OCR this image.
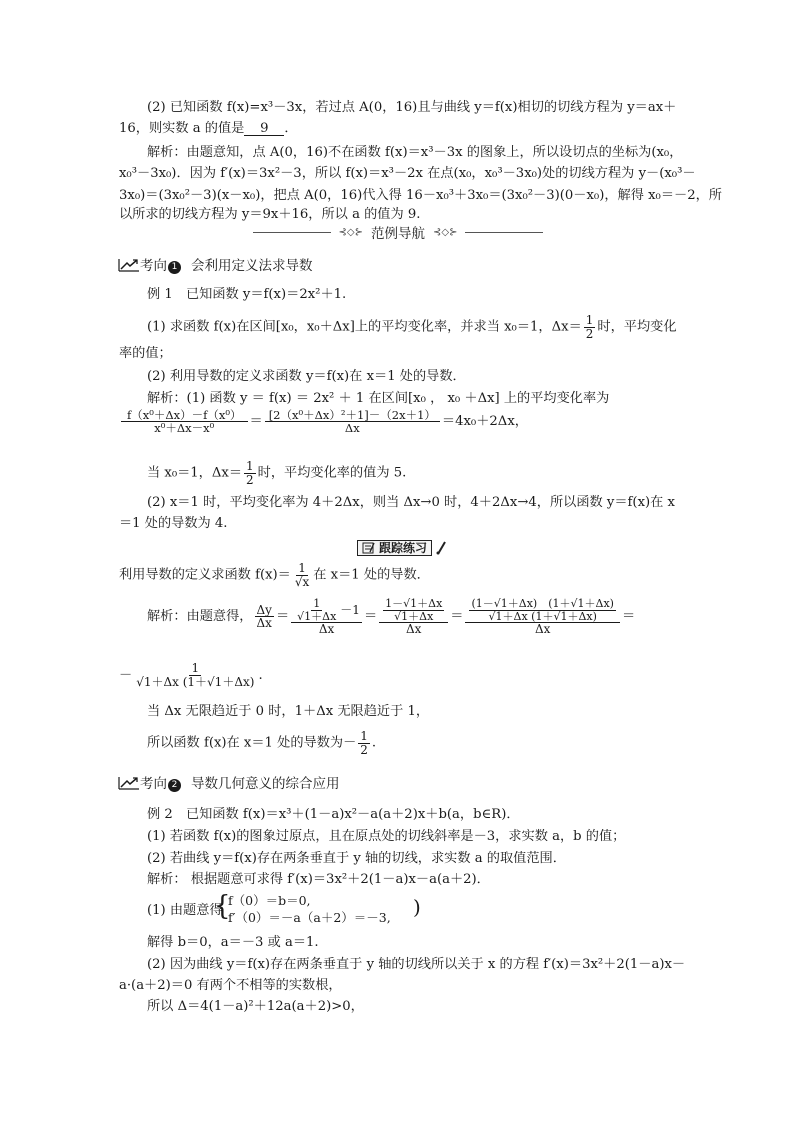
(2) 已知函数 f(x)=x³－3x，若过点 A(0，16)且与曲线 y＝f(x)相切的切线方程为 y＝ax＋
16，则实数 a 的值是 9 ．
解析：由题意知，点 A(0，16)不在函数 f(x)＝x³－3x 的图象上，所以设切点的坐标为(x₀，
x₀³－3x₀)．因为 f′(x)＝3x²－3，所以 f(x)＝x³－2x 在点(x₀，x₀³－3x₀)处的切线方程为 y－(x₀³－
3x₀)＝(3x₀²－3)(x－x₀)，把点 A(0，16)代入得 16－x₀³＋3x₀＝(3x₀²－3)(0－x₀)，解得 x₀＝－2，所
以所求的切线方程为 y＝9x＋16，所以 a 的值为 9.
⊰◇⊱ 范例导航 ⊰◇⊱
考向 1 会利用定义法求导数
例 1　已知函数 y＝f(x)＝2x²＋1.
(1) 求函数 f(x)在区间[x₀，x₀＋Δx]上的平均变化率，并求当 x₀＝1，$\Delta x= \frac{1}{2}$ 时，平均变化
率的值；
(2) 利用导数的定义求函数 y＝f(x)在 x＝1 处的导数．
解析：(1) 函数 y ＝ f(x) ＝ 2x² ＋ 1 在区间[x₀ ， x₀ ＋Δx] 上的平均变化率为
$\frac{\text{f（x⁰＋Δx）－f（x⁰）}}{\text{x⁰＋Δx－x⁰}} = \frac{\text{[2（x⁰＋Δx）²＋1]－（2x＋1）}}{\Delta x} =4x_0+2\Delta x$，
当 x₀＝1，$\Delta x= \frac{1}{2}$ 时，平均变化率的值为 5.
(2) x＝1 时，平均变化率为 4＋2Δx，则当 Δx→0 时，4＋2Δx→4，所以函数 y＝f(x)在 x
＝1 处的导数为 4.
跟踪练习
利用导数的定义求函数 $f(x)= \frac{1}{√x}$ 在 x＝1 处的导数．
解析：由题意得， $\frac{\Delta y}{\Delta x} = \frac{\frac{1}{√1+\Delta x} -1}{\Delta x} = \frac{\frac{1-√1+\Delta x}{√1+\Delta x}}{\Delta x} = \frac{\frac{(1-√1+\Delta x) (1+√1+\Delta x)}{√1+\Delta x (1+√1+\Delta x)}}{\Delta x}$ ＝
－ $\frac{1}{√1+\Delta x (1+√1+\Delta x)}$ .
当 Δx 无限趋近于 0 时，1＋Δx 无限趋近于 1，
所以函数 f(x)在 x＝1 处的导数为－ $\frac{1}{2}$ .
考向 2 导数几何意义的综合应用
例 2　已知函数 f(x)＝x³＋(1－a)x²－a(a＋2)x＋b(a，b∈R)．
(1) 若函数 f(x)的图象过原点，且在原点处的切线斜率是－3，求实数 a，b 的值；
(2) 若曲线 y＝f(x)存在两条垂直于 y 轴的切线，求实数 a 的取值范围．
解析： 根据题意可求得 f′(x)＝3x²＋2(1－a)x－a(a＋2)．
(1) 由题意得
{
f（0）＝b＝0,
f′（0）＝－a（a＋2）＝－3, )
解得 b＝0，a＝－3 或 a＝1.
(2) 因为曲线 y＝f(x)存在两条垂直于 y 轴的切线所以关于 x 的方程 f′(x)＝3x²＋2(1－a)x－
a·(a＋2)＝0 有两个不相等的实数根，
所以 Δ＝4(1－a)²＋12a(a＋2)>0，
